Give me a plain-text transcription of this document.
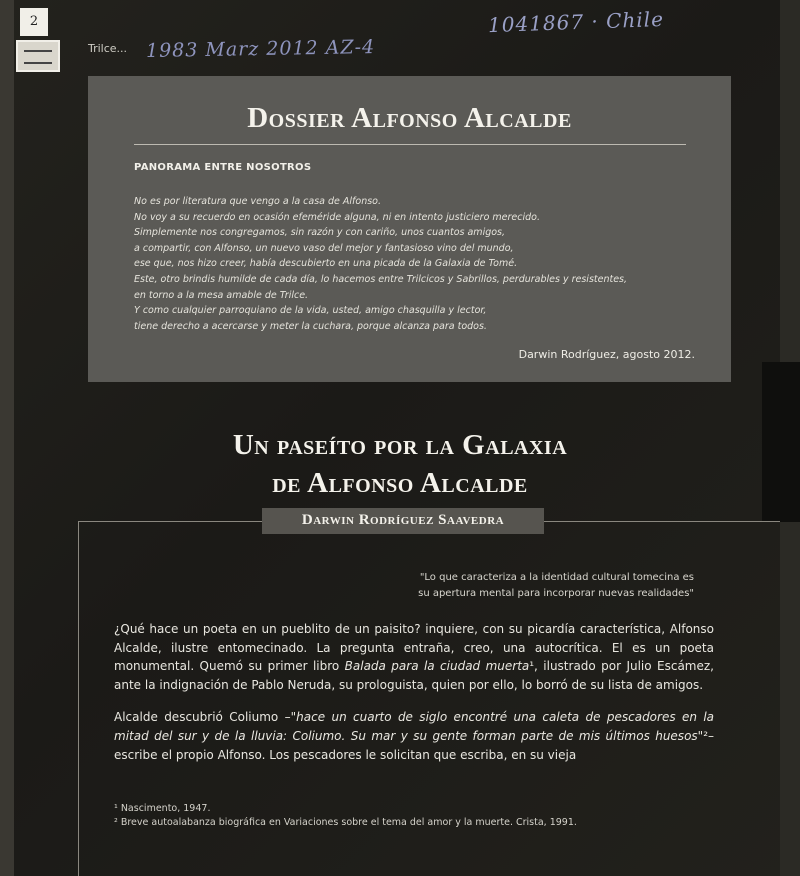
2
Trilce...
1041867 · Chile
1983 Marz 2012 AZ-4
Dossier Alfonso Alcalde
PANORAMA ENTRE NOSOTROS
No es por literatura que vengo a la casa de Alfonso.
No voy a su recuerdo en ocasión efeméride alguna, ni en intento justiciero merecido.
Simplemente nos congregamos, sin razón y con cariño, unos cuantos amigos,
a compartir, con Alfonso, un nuevo vaso del mejor y fantasioso vino del mundo,
ese que, nos hizo creer, había descubierto en una picada de la Galaxia de Tomé.
Este, otro brindis humilde de cada día, lo hacemos entre Trilcicos y Sabrillos, perdurables y resistentes,
en torno a la mesa amable de Trilce.
Y como cualquier parroquiano de la vida, usted, amigo chasquilla y lector,
tiene derecho a acercarse y meter la cuchara, porque alcanza para todos.
Darwin Rodríguez, agosto 2012.
Un paseíto por la Galaxia
de Alfonso Alcalde
Darwin Rodríguez Saavedra
"Lo que caracteriza a la identidad cultural tomecina es
su apertura mental para incorporar nuevas realidades"

¿Qué hace un poeta en un pueblito de un paisito? inquiere, con su picardía característica, Alfonso Alcalde, ilustre entomecinado. La pregunta entraña, creo, una autocrítica. El es un poeta monumental. Quemó su primer libro Balada para la ciudad muerta¹, ilustrado por Julio Escámez, ante la indignación de Pablo Neruda, su prologuista, quien por ello, lo borró de su lista de amigos.

Alcalde descubrió Coliumo –"hace un cuarto de siglo encontré una caleta de pescadores en la mitad del sur y de la lluvia: Coliumo. Su mar y su gente forman parte de mis últimos huesos"²– escribe el propio Alfonso. Los pescadores le solicitan que escriba, en su vieja

¹ Nascimento, 1947.
² Breve autoalabanza biográfica en Variaciones sobre el tema del amor y la muerte. Crista, 1991.
